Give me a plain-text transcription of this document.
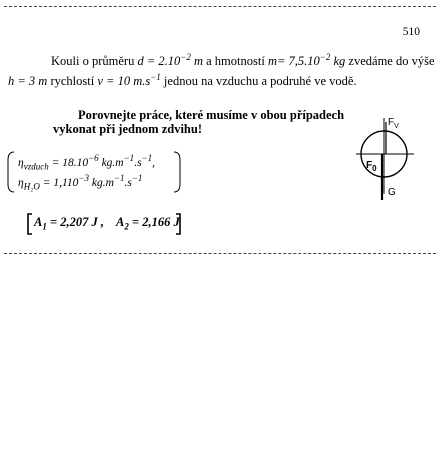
510
Kouli o průměru $d = 2.10^{-2}$ m a hmotností $m= 7,5.10^{-2}$ kg zvedáme do výše
h = 3 m rychlostí v = 10 $m.s^{-1}$ jednou na vzduchu a podruhé ve vodě.
Porovnejte práce, které musíme v obou případech
vykonat při jednom zdvihu!
$\eta_{vzduch} = 18.10^{-6}$ $kg.m^{-1}.s^{-1}$,
$\eta_{H_2O} = 1,110^{-3}$ $kg.m^{-1}.s^{-1}$
$A_1 = 2,207$ J , $A_2 = 2,166$ J
$F_V$
$F_0$
G
